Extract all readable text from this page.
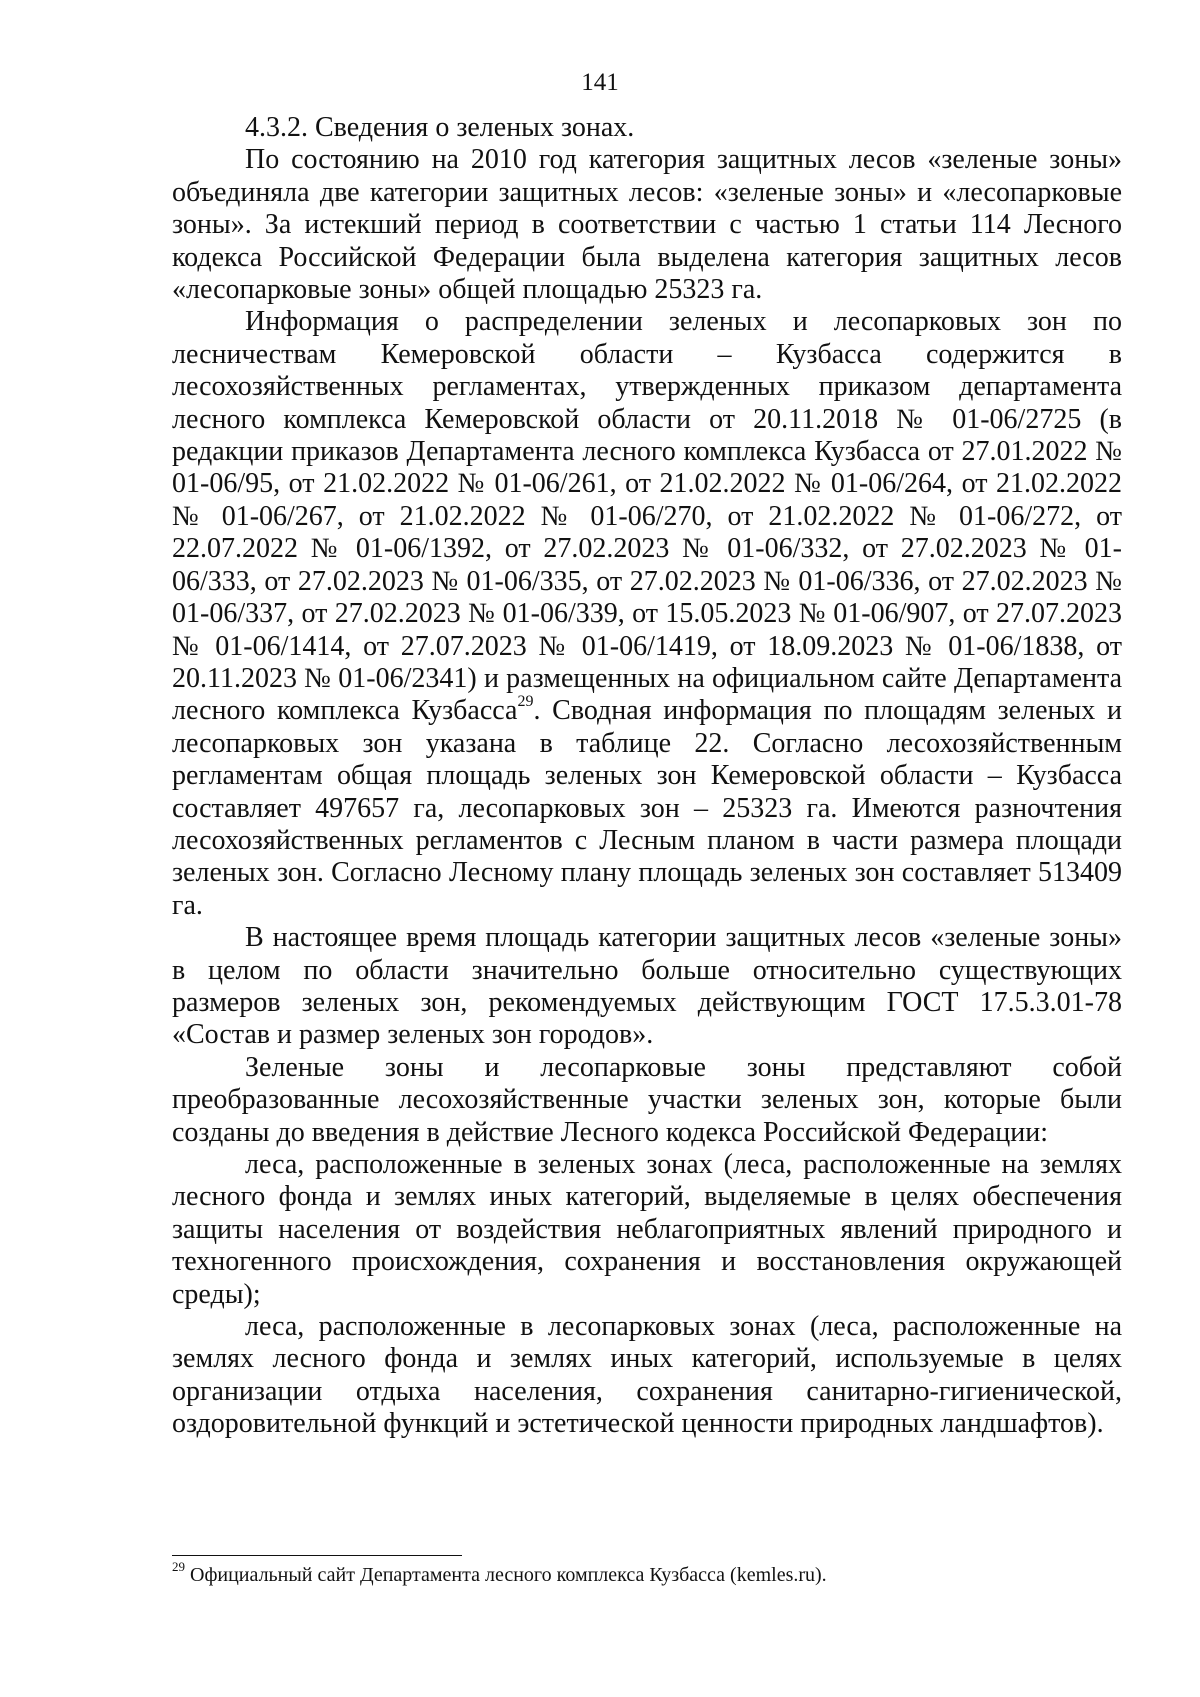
141

4.3.2. Сведения о зеленых зонах.

По состоянию на 2010 год категория защитных лесов «зеленые зоны» объединяла две категории защитных лесов: «зеленые зоны» и «лесопарковые зоны». За истекший период в соответствии с частью 1 статьи 114 Лесного кодекса Российской Федерации была выделена категория защитных лесов «лесопарковые зоны» общей площадью 25323 га.

Информация о распределении зеленых и лесопарковых зон по лесничествам Кемеровской области – Кузбасса содержится в лесохозяйственных регламентах, утвержденных приказом департамента лесного комплекса Кемеровской области от 20.11.2018 № 01-06/2725 (в редакции приказов Департамента лесного комплекса Кузбасса от 27.01.2022 № 01-06/95, от 21.02.2022 № 01-06/261, от 21.02.2022 № 01-06/264, от 21.02.2022 № 01-06/267, от 21.02.2022 № 01-06/270, от 21.02.2022 № 01-06/272, от 22.07.2022 № 01-06/1392, от 27.02.2023 № 01-06/332, от 27.02.2023 № 01-06/333, от 27.02.2023 № 01-06/335, от 27.02.2023 № 01-06/336, от 27.02.2023 № 01-06/337, от 27.02.2023 № 01-06/339, от 15.05.2023 № 01-06/907, от 27.07.2023 № 01-06/1414, от 27.07.2023 № 01-06/1419, от 18.09.2023 № 01-06/1838, от 20.11.2023 № 01-06/2341) и размещенных на официальном сайте Департамента лесного комплекса Кузбасса$^{29}$. Сводная информация по площадям зеленых и лесопарковых зон указана в таблице 22. Согласно лесохозяйственным регламентам общая площадь зеленых зон Кемеровской области – Кузбасса составляет 497657 га, лесопарковых зон – 25323 га. Имеются разночтения лесохозяйственных регламентов с Лесным планом в части размера площади зеленых зон. Согласно Лесному плану площадь зеленых зон составляет 513409 га.

В настоящее время площадь категории защитных лесов «зеленые зоны» в целом по области значительно больше относительно существующих размеров зеленых зон, рекомендуемых действующим ГОСТ 17.5.3.01-78 «Состав и размер зеленых зон городов».

Зеленые зоны и лесопарковые зоны представляют собой преобразованные лесохозяйственные участки зеленых зон, которые были созданы до введения в действие Лесного кодекса Российской Федерации:

леса, расположенные в зеленых зонах (леса, расположенные на землях лесного фонда и землях иных категорий, выделяемые в целях обеспечения защиты населения от воздействия неблагоприятных явлений природного и техногенного происхождения, сохранения и восстановления окружающей среды);

леса, расположенные в лесопарковых зонах (леса, расположенные на землях лесного фонда и землях иных категорий, используемые в целях организации отдыха населения, сохранения санитарно-гигиенической, оздоровительной функций и эстетической ценности природных ландшафтов).

$^{29}$ Официальный сайт Департамента лесного комплекса Кузбасса (kemles.ru).
